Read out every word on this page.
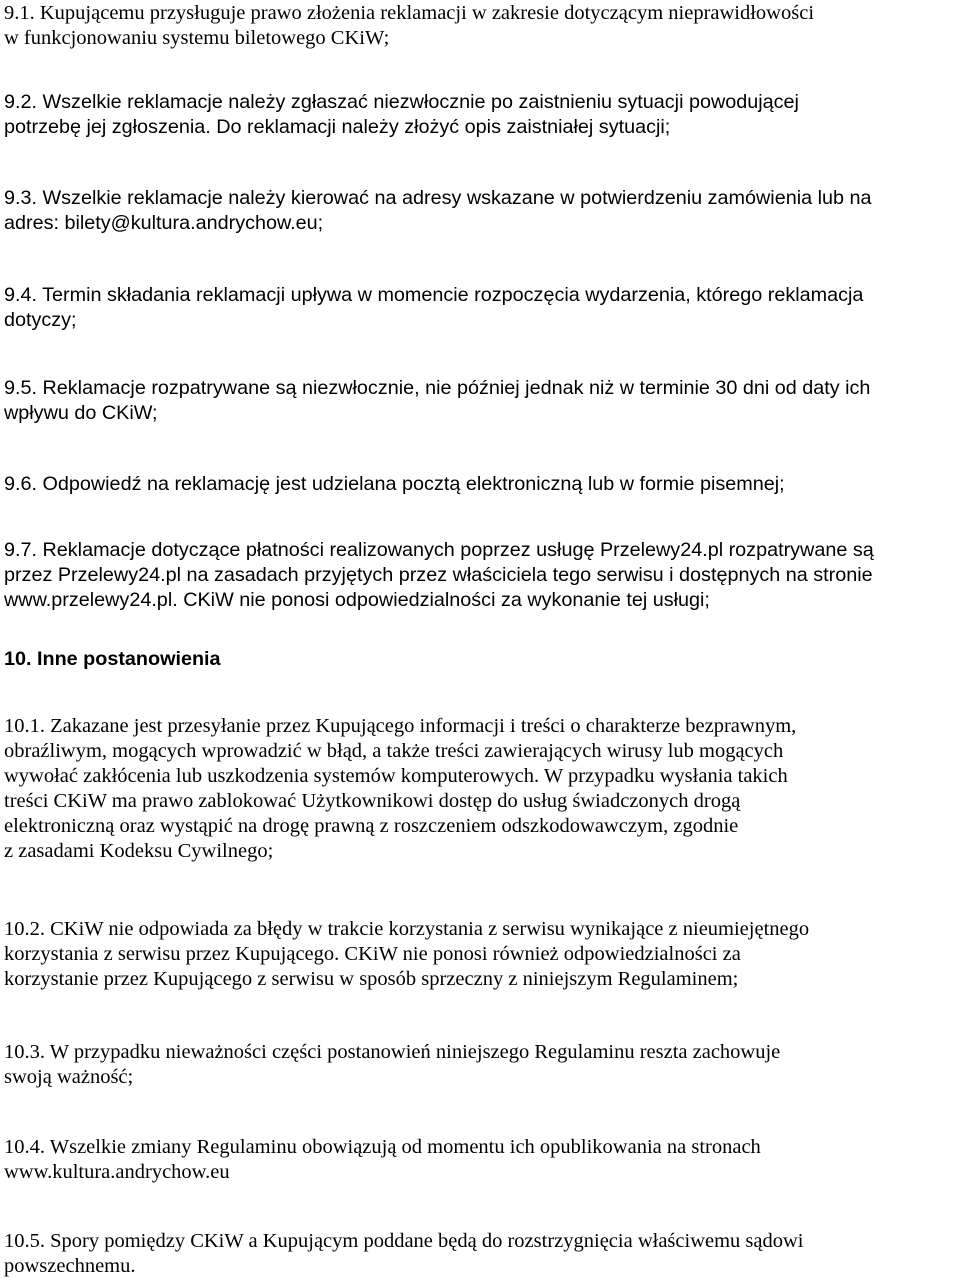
9.1. Kupującemu przysługuje prawo złożenia reklamacji w zakresie dotyczącym nieprawidłowości
w funkcjonowaniu systemu biletowego CKiW;

9.2. Wszelkie reklamacje należy zgłaszać niezwłocznie po zaistnieniu sytuacji powodującej
potrzebę jej zgłoszenia. Do reklamacji należy złożyć opis zaistniałej sytuacji;

9.3. Wszelkie reklamacje należy kierować na adresy wskazane w potwierdzeniu zamówienia lub na
adres: bilety@kultura.andrychow.eu;

9.4. Termin składania reklamacji upływa w momencie rozpoczęcia wydarzenia, którego reklamacja
dotyczy;

9.5. Reklamacje rozpatrywane są niezwłocznie, nie później jednak niż w terminie 30 dni od daty ich
wpływu do CKiW;

9.6. Odpowiedź na reklamację jest udzielana pocztą elektroniczną lub w formie pisemnej;

9.7. Reklamacje dotyczące płatności realizowanych poprzez usługę Przelewy24.pl rozpatrywane są
przez Przelewy24.pl na zasadach przyjętych przez właściciela tego serwisu i dostępnych na stronie
www.przelewy24.pl. CKiW nie ponosi odpowiedzialności za wykonanie tej usługi;

10. Inne postanowienia

10.1. Zakazane jest przesyłanie przez Kupującego informacji i treści o charakterze bezprawnym,
obraźliwym, mogących wprowadzić w błąd, a także treści zawierających wirusy lub mogących
wywołać zakłócenia lub uszkodzenia systemów komputerowych. W przypadku wysłania takich
treści CKiW ma prawo zablokować Użytkownikowi dostęp do usług świadczonych drogą
elektroniczną oraz wystąpić na drogę prawną z roszczeniem odszkodowawczym, zgodnie
z zasadami Kodeksu Cywilnego;

10.2. CKiW nie odpowiada za błędy w trakcie korzystania z serwisu wynikające z nieumiejętnego
korzystania z serwisu przez Kupującego. CKiW nie ponosi również odpowiedzialności za
korzystanie przez Kupującego z serwisu w sposób sprzeczny z niniejszym Regulaminem;

10.3. W przypadku nieważności części postanowień niniejszego Regulaminu reszta zachowuje
swoją ważność;

10.4. Wszelkie zmiany Regulaminu obowiązują od momentu ich opublikowania na stronach
www.kultura.andrychow.eu

10.5. Spory pomiędzy CKiW a Kupującym poddane będą do rozstrzygnięcia właściwemu sądowi
powszechnemu.
